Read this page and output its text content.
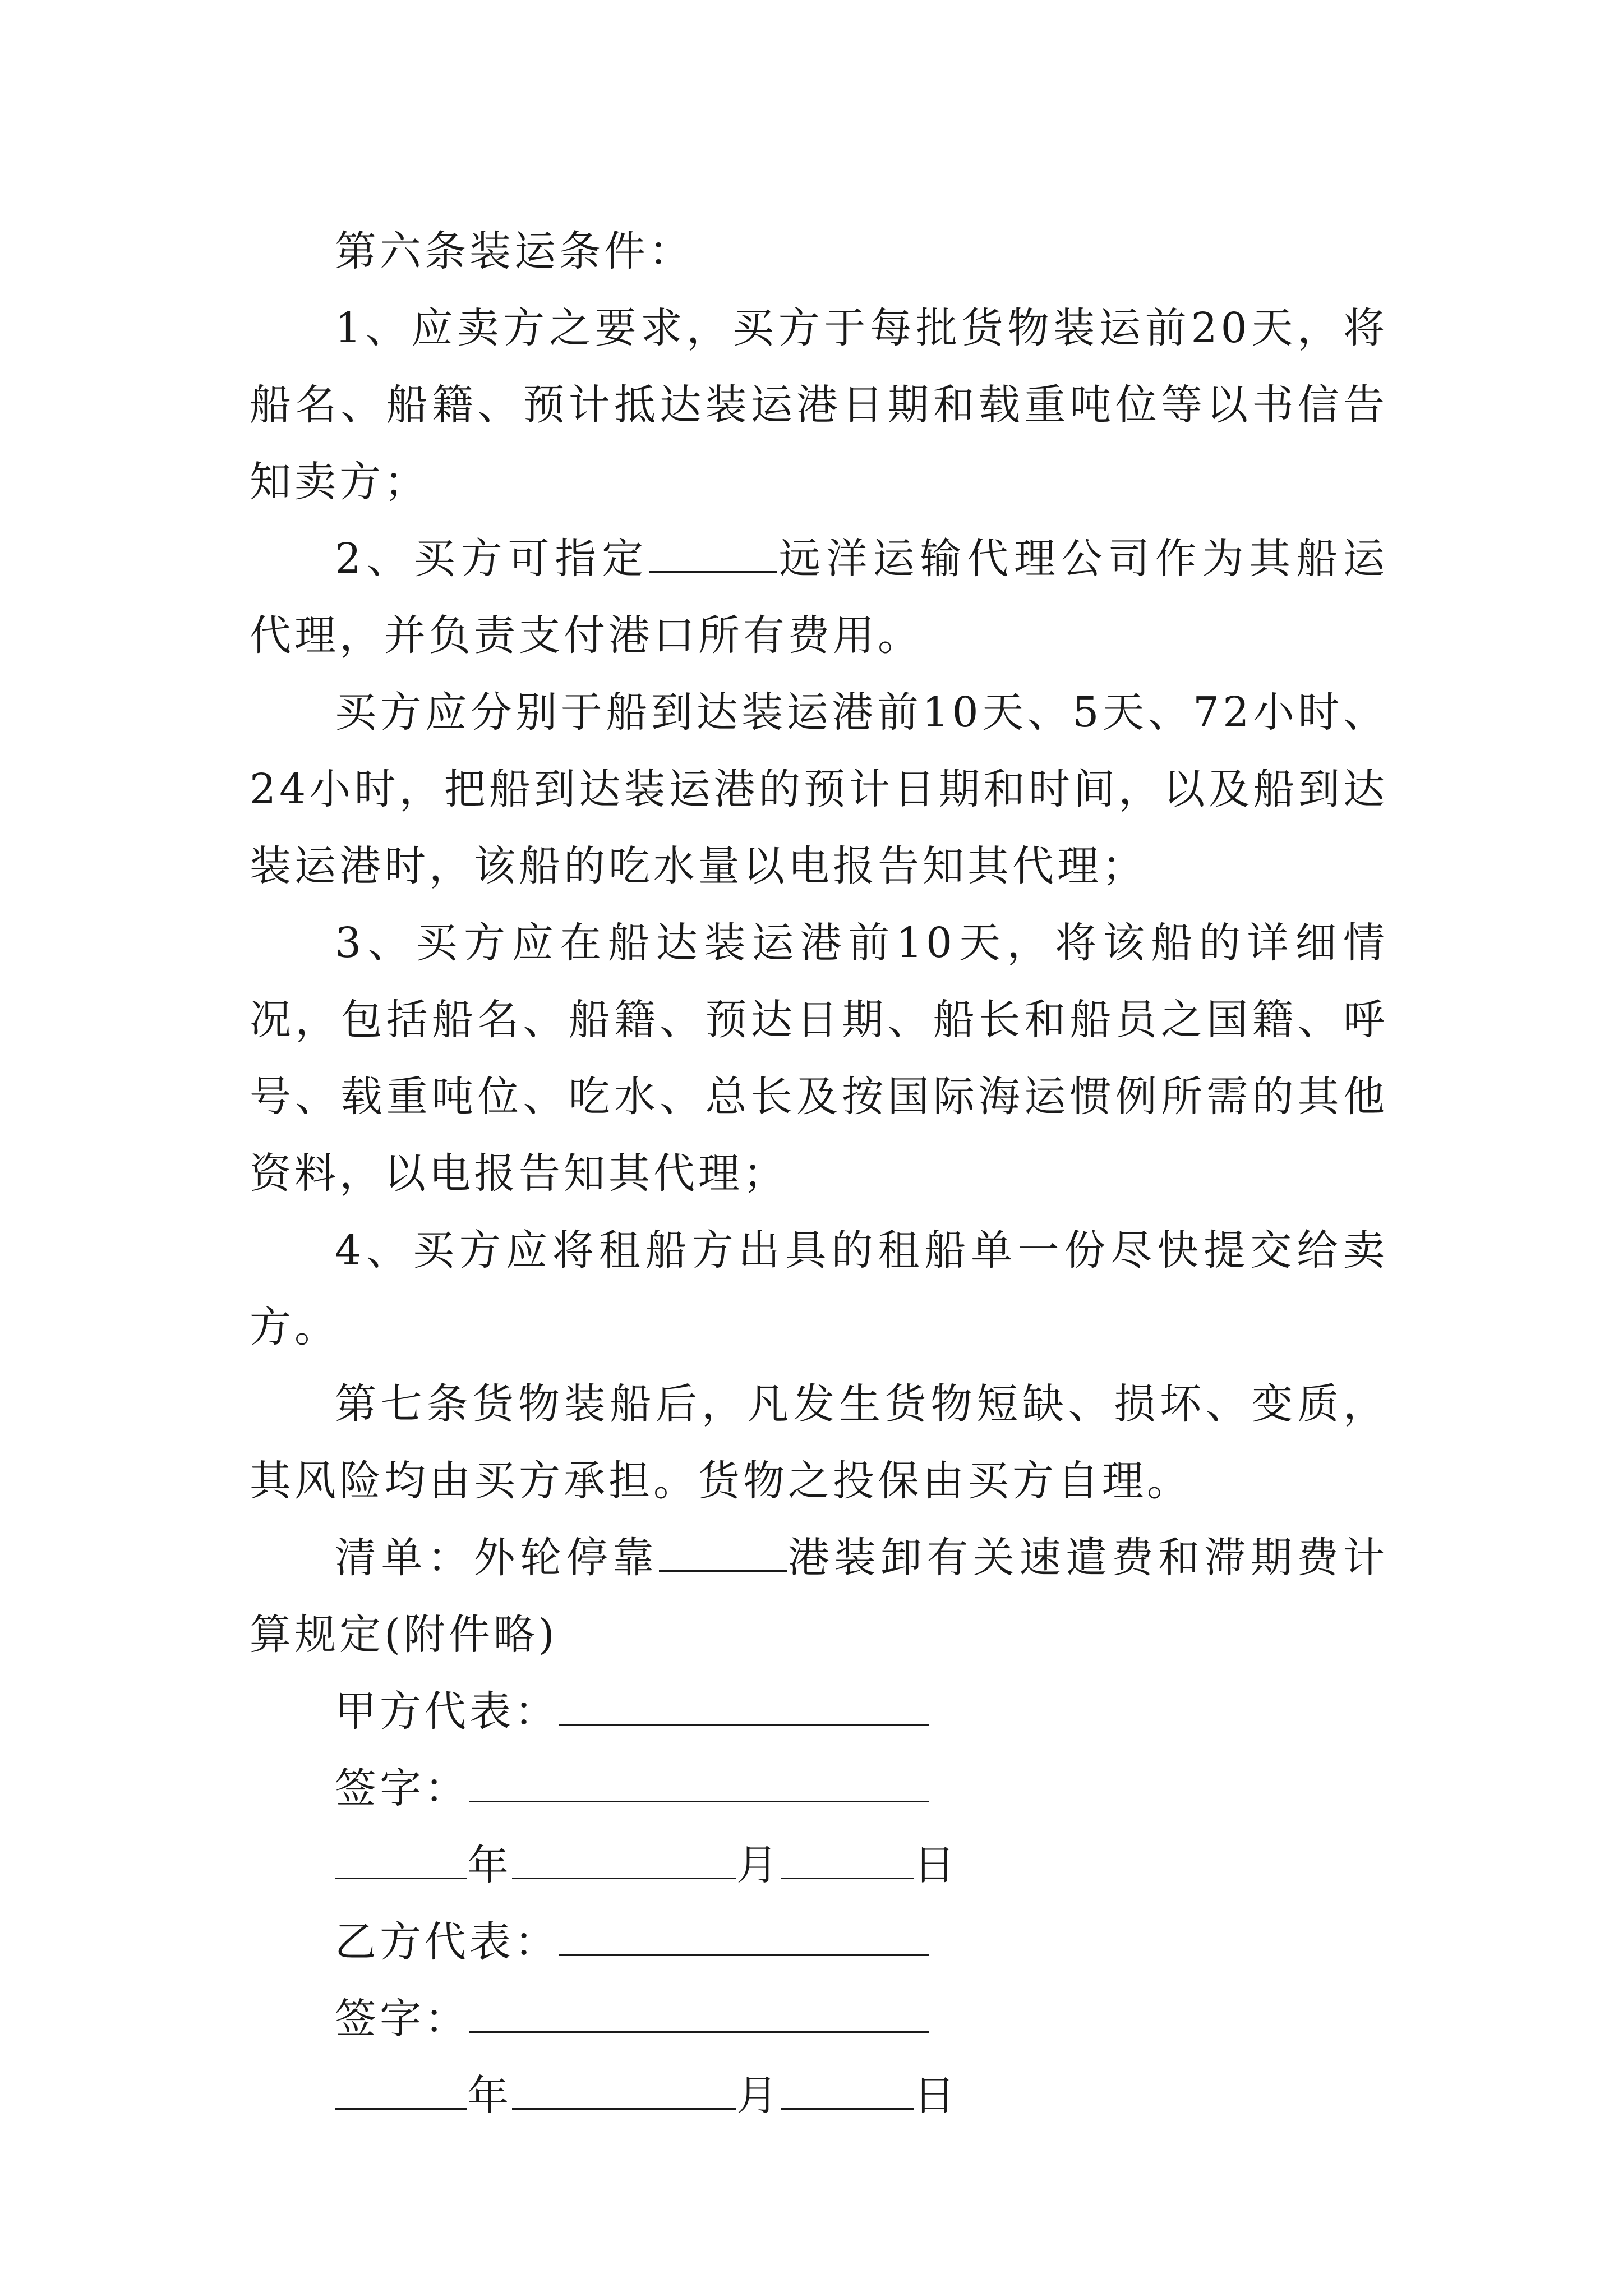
第六条装运条件：

1、应卖方之要求，买方于每批货物装运前20天，将船名、船籍、预计抵达装运港日期和载重吨位等以书信告知卖方；

2、买方可指定	远洋运输代理公司作为其船运代理，并负责支付港口所有费用。

买方应分别于船到达装运港前10天、5天、72小时、24小时，把船到达装运港的预计日期和时间，以及船到达装运港时，该船的吃水量以电报告知其代理；

3、买方应在船达装运港前10天，将该船的详细情况，包括船名、船籍、预达日期、船长和船员之国籍、呼号、载重吨位、吃水、总长及按国际海运惯例所需的其他资料，以电报告知其代理；

4、买方应将租船方出具的租船单一份尽快提交给卖方。

第七条货物装船后，凡发生货物短缺、损坏、变质，其风险均由买方承担。货物之投保由买方自理。

清单：外轮停靠	港装卸有关速遣费和滞期费计算规定(附件略)

甲方代表：

签字：

年	月	日

乙方代表：

签字：

年	月	日
